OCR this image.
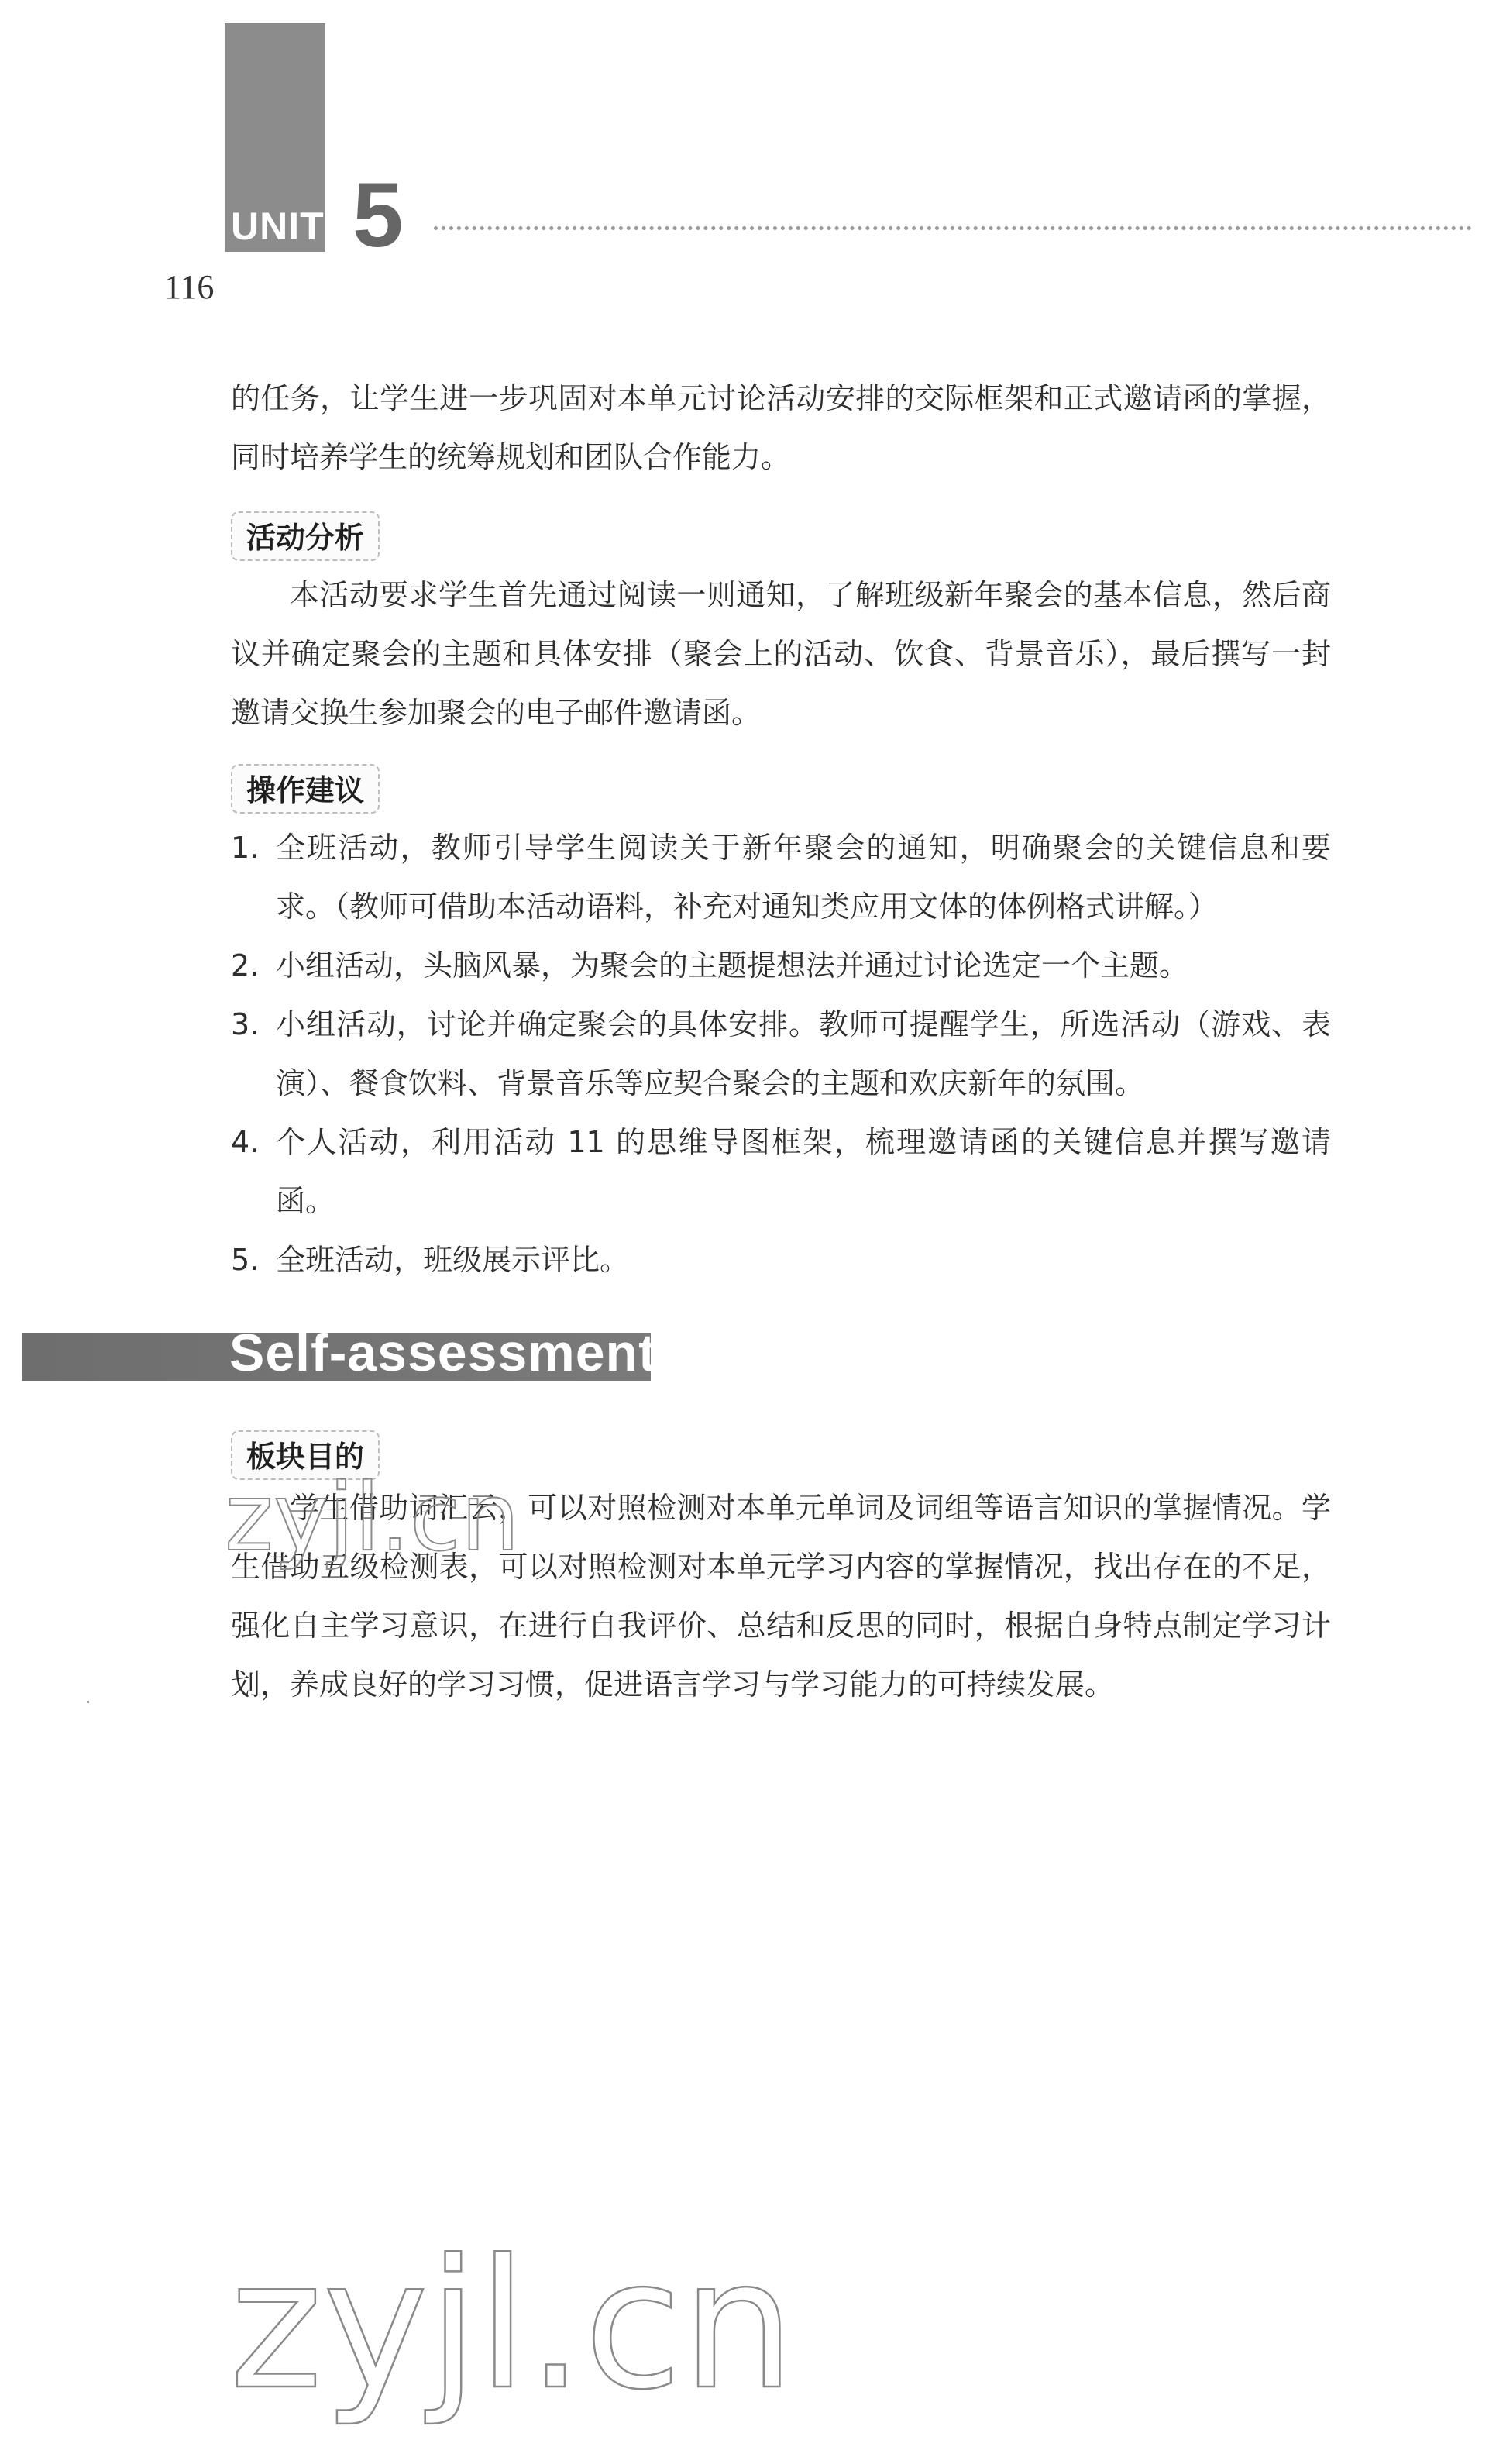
UNIT 5
116
的任务，让学生进一步巩固对本单元讨论活动安排的交际框架和正式邀请函的掌握，同时培养学生的统筹规划和团队合作能力。
活动分析
本活动要求学生首先通过阅读一则通知，了解班级新年聚会的基本信息，然后商议并确定聚会的主题和具体安排（聚会上的活动、饮食、背景音乐），最后撰写一封邀请交换生参加聚会的电子邮件邀请函。
操作建议
1. 全班活动，教师引导学生阅读关于新年聚会的通知，明确聚会的关键信息和要求。（教师可借助本活动语料，补充对通知类应用文体的体例格式讲解。）
2. 小组活动，头脑风暴，为聚会的主题提想法并通过讨论选定一个主题。
3. 小组活动，讨论并确定聚会的具体安排。教师可提醒学生，所选活动（游戏、表演）、餐食饮料、背景音乐等应契合聚会的主题和欢庆新年的氛围。
4. 个人活动，利用活动 11 的思维导图框架，梳理邀请函的关键信息并撰写邀请函。
5. 全班活动，班级展示评比。
Self-assessment
板块目的
学生借助词汇云，可以对照检测对本单元单词及词组等语言知识的掌握情况。学生借助五级检测表，可以对照检测对本单元学习内容的掌握情况，找出存在的不足，强化自主学习意识，在进行自我评价、总结和反思的同时，根据自身特点制定学习计划，养成良好的学习习惯，促进语言学习与学习能力的可持续发展。
zyjl.cn
zyjl.cn
